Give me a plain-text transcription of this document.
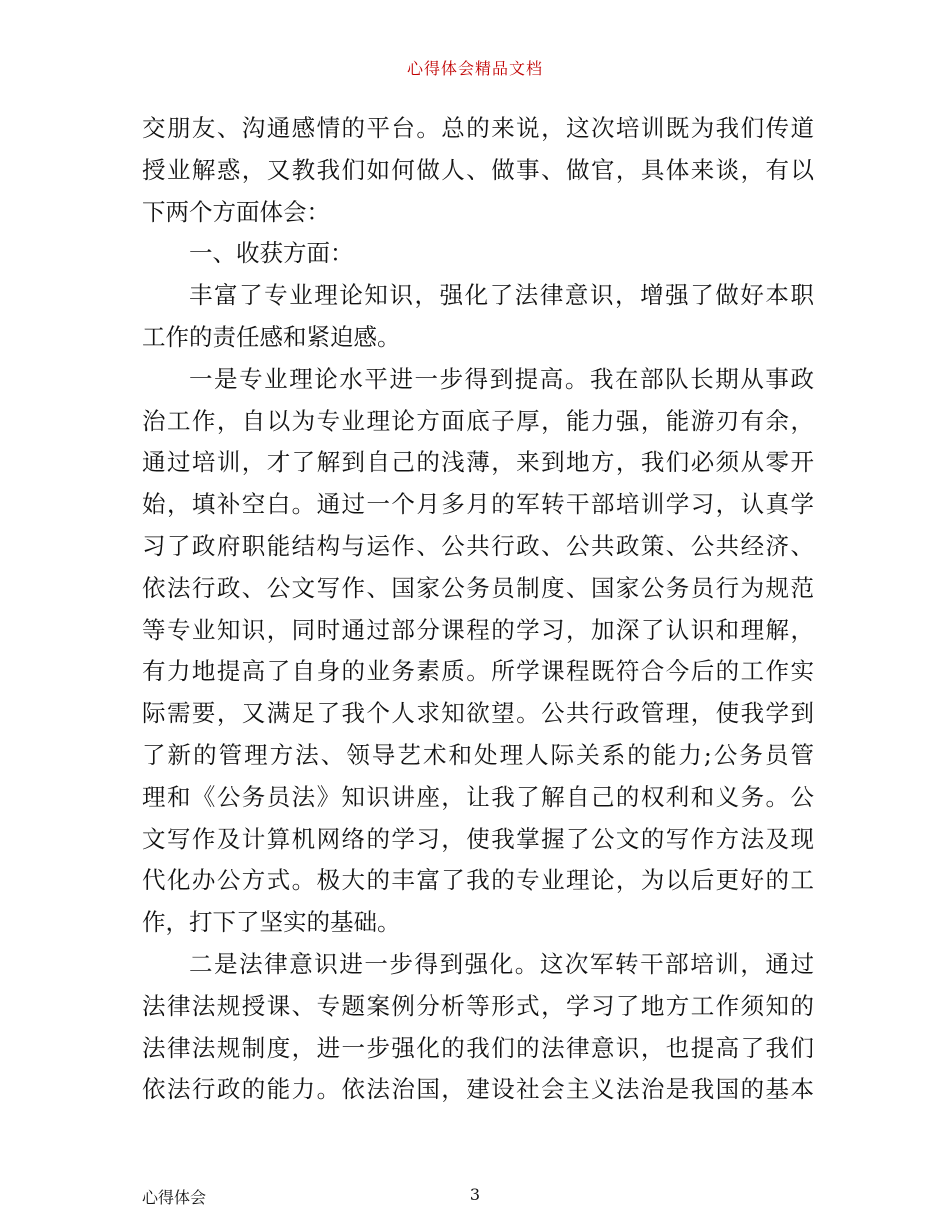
心得体会精品文档
交朋友、沟通感情的平台。总的来说，这次培训既为我们传道
授业解惑，又教我们如何做人、做事、做官，具体来谈，有以
下两个方面体会：
一、收获方面：
丰富了专业理论知识，强化了法律意识，增强了做好本职
工作的责任感和紧迫感。
一是专业理论水平进一步得到提高。我在部队长期从事政
治工作，自以为专业理论方面底子厚，能力强，能游刃有余，
通过培训，才了解到自己的浅薄，来到地方，我们必须从零开
始，填补空白。通过一个月多月的军转干部培训学习，认真学
习了政府职能结构与运作、公共行政、公共政策、公共经济、
依法行政、公文写作、国家公务员制度、国家公务员行为规范
等专业知识，同时通过部分课程的学习，加深了认识和理解，
有力地提高了自身的业务素质。所学课程既符合今后的工作实
际需要，又满足了我个人求知欲望。公共行政管理，使我学到
了新的管理方法、领导艺术和处理人际关系的能力;公务员管
理和《公务员法》知识讲座，让我了解自己的权利和义务。公
文写作及计算机网络的学习，使我掌握了公文的写作方法及现
代化办公方式。极大的丰富了我的专业理论，为以后更好的工
作，打下了坚实的基础。
二是法律意识进一步得到强化。这次军转干部培训，通过
法律法规授课、专题案例分析等形式，学习了地方工作须知的
法律法规制度，进一步强化的我们的法律意识，也提高了我们
依法行政的能力。依法治国，建设社会主义法治是我国的基本
心得体会	3
